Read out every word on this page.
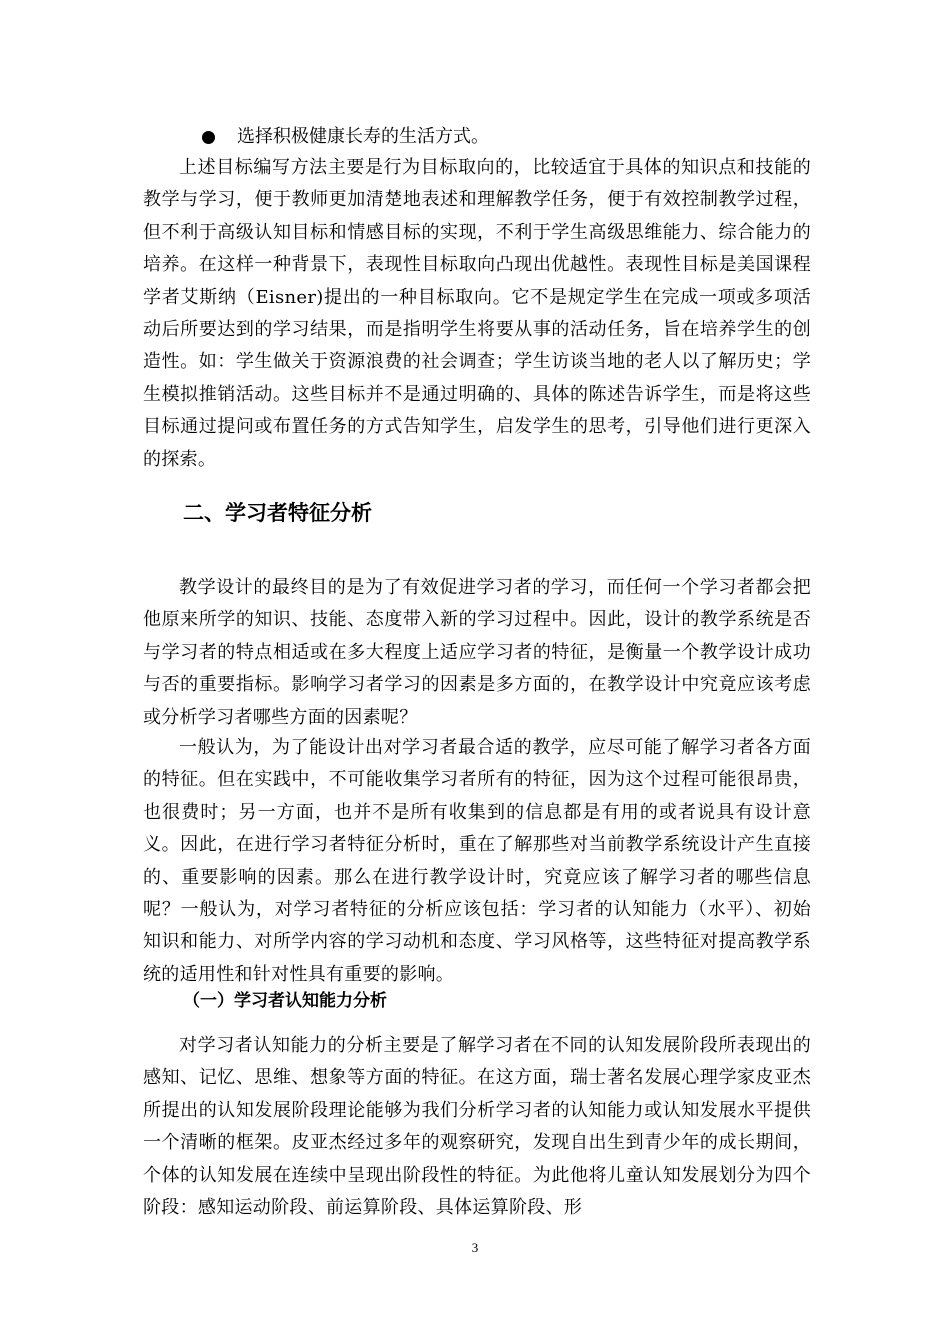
选择积极健康长寿的生活方式。

上述目标编写方法主要是行为目标取向的，比较适宜于具体的知识点和技能的教学与学习，便于教师更加清楚地表述和理解教学任务，便于有效控制教学过程，但不利于高级认知目标和情感目标的实现，不利于学生高级思维能力、综合能力的培养。在这样一种背景下，表现性目标取向凸现出优越性。表现性目标是美国课程学者艾斯纳（Eisner)提出的一种目标取向。它不是规定学生在完成一项或多项活动后所要达到的学习结果，而是指明学生将要从事的活动任务，旨在培养学生的创造性。如：学生做关于资源浪费的社会调查；学生访谈当地的老人以了解历史；学生模拟推销活动。这些目标并不是通过明确的、具体的陈述告诉学生，而是将这些目标通过提问或布置任务的方式告知学生，启发学生的思考，引导他们进行更深入的探索。

二、学习者特征分析

教学设计的最终目的是为了有效促进学习者的学习，而任何一个学习者都会把他原来所学的知识、技能、态度带入新的学习过程中。因此，设计的教学系统是否与学习者的特点相适或在多大程度上适应学习者的特征，是衡量一个教学设计成功与否的重要指标。影响学习者学习的因素是多方面的，在教学设计中究竟应该考虑或分析学习者哪些方面的因素呢？

一般认为，为了能设计出对学习者最合适的教学，应尽可能了解学习者各方面的特征。但在实践中，不可能收集学习者所有的特征，因为这个过程可能很昂贵，也很费时；另一方面，也并不是所有收集到的信息都是有用的或者说具有设计意义。因此，在进行学习者特征分析时，重在了解那些对当前教学系统设计产生直接的、重要影响的因素。那么在进行教学设计时，究竟应该了解学习者的哪些信息呢？一般认为，对学习者特征的分析应该包括：学习者的认知能力（水平）、初始知识和能力、对所学内容的学习动机和态度、学习风格等，这些特征对提高教学系统的适用性和针对性具有重要的影响。

（一）学习者认知能力分析

对学习者认知能力的分析主要是了解学习者在不同的认知发展阶段所表现出的感知、记忆、思维、想象等方面的特征。在这方面，瑞士著名发展心理学家皮亚杰所提出的认知发展阶段理论能够为我们分析学习者的认知能力或认知发展水平提供一个清晰的框架。皮亚杰经过多年的观察研究，发现自出生到青少年的成长期间，个体的认知发展在连续中呈现出阶段性的特征。为此他将儿童认知发展划分为四个阶段：感知运动阶段、前运算阶段、具体运算阶段、形

3
